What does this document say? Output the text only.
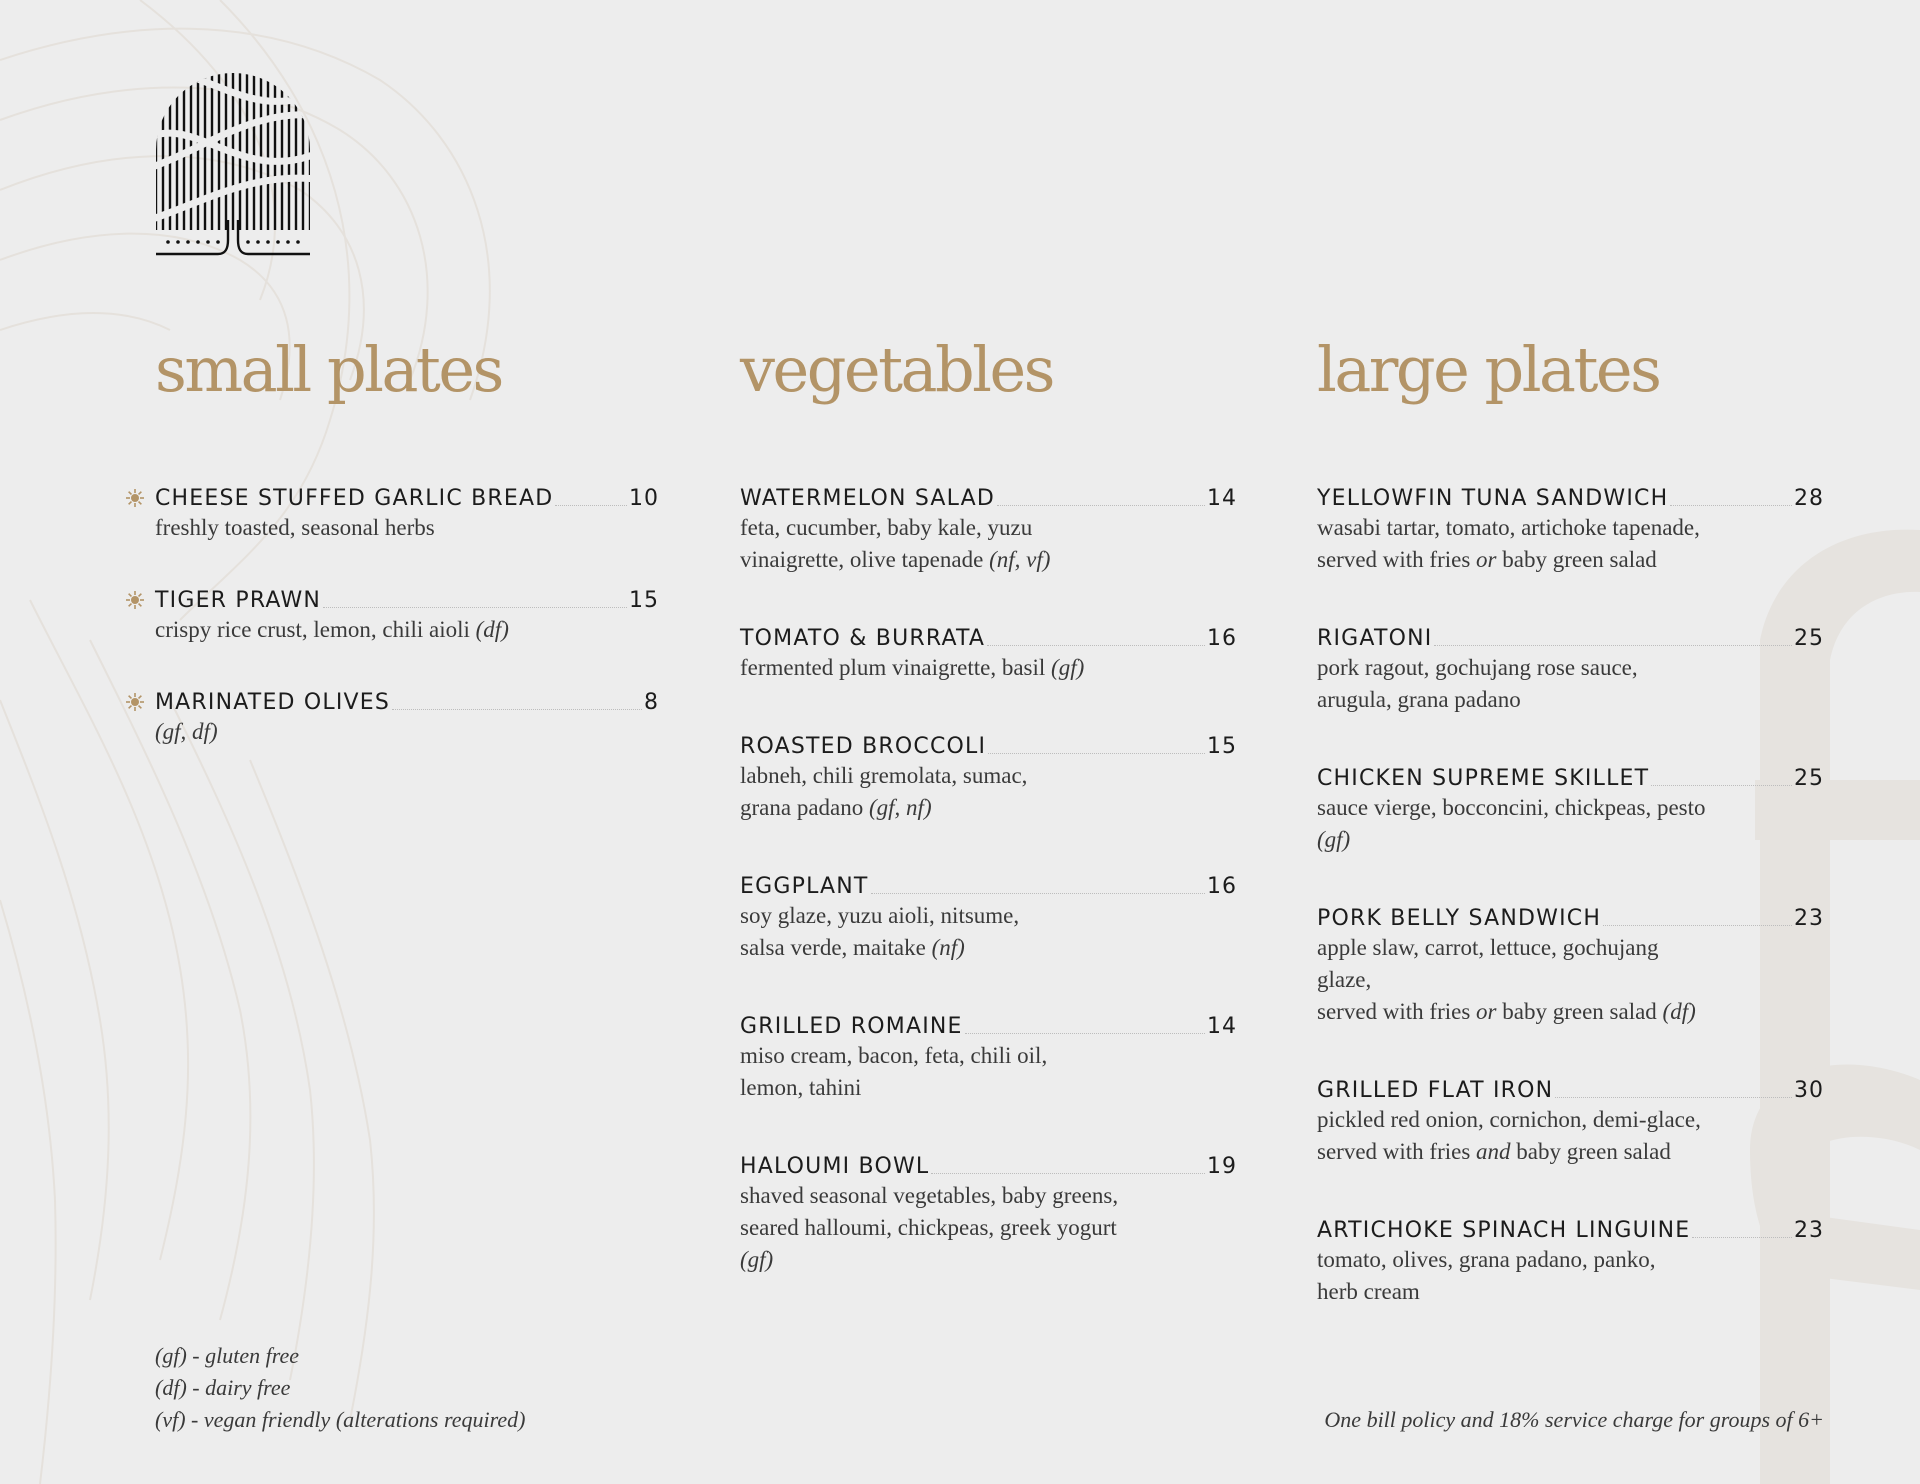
small plates
CHEESE STUFFED GARLIC BREAD	10
freshly toasted, seasonal herbs
TIGER PRAWN	15
crispy rice crust, lemon, chili aioli (df)
MARINATED OLIVES	8
(gf, df)
vegetables
WATERMELON SALAD	14
feta, cucumber, baby kale, yuzu
vinaigrette, olive tapenade (nf, vf)
TOMATO & BURRATA	16
fermented plum vinaigrette, basil (gf)
ROASTED BROCCOLI	15
labneh, chili gremolata, sumac,
grana padano (gf, nf)
EGGPLANT	16
soy glaze, yuzu aioli, nitsume,
salsa verde, maitake (nf)
GRILLED ROMAINE	14
miso cream, bacon, feta, chili oil,
lemon, tahini
HALOUMI BOWL	19
shaved seasonal vegetables, baby greens,
seared halloumi, chickpeas, greek yogurt (gf)
large plates
YELLOWFIN TUNA SANDWICH	28
wasabi tartar, tomato, artichoke tapenade,
served with fries or baby green salad
RIGATONI	25
pork ragout, gochujang rose sauce,
arugula, grana padano
CHICKEN SUPREME SKILLET	25
sauce vierge, bocconcini, chickpeas, pesto (gf)
PORK BELLY SANDWICH	23
apple slaw, carrot, lettuce, gochujang glaze,
served with fries or baby green salad (df)
GRILLED FLAT IRON	30
pickled red onion, cornichon, demi-glace,
served with fries and baby green salad
ARTICHOKE SPINACH LINGUINE	23
tomato, olives, grana padano, panko,
herb cream
(gf) - gluten free
(df) - dairy free
(vf) - vegan friendly (alterations required)	One bill policy and 18% service charge for groups of 6+
